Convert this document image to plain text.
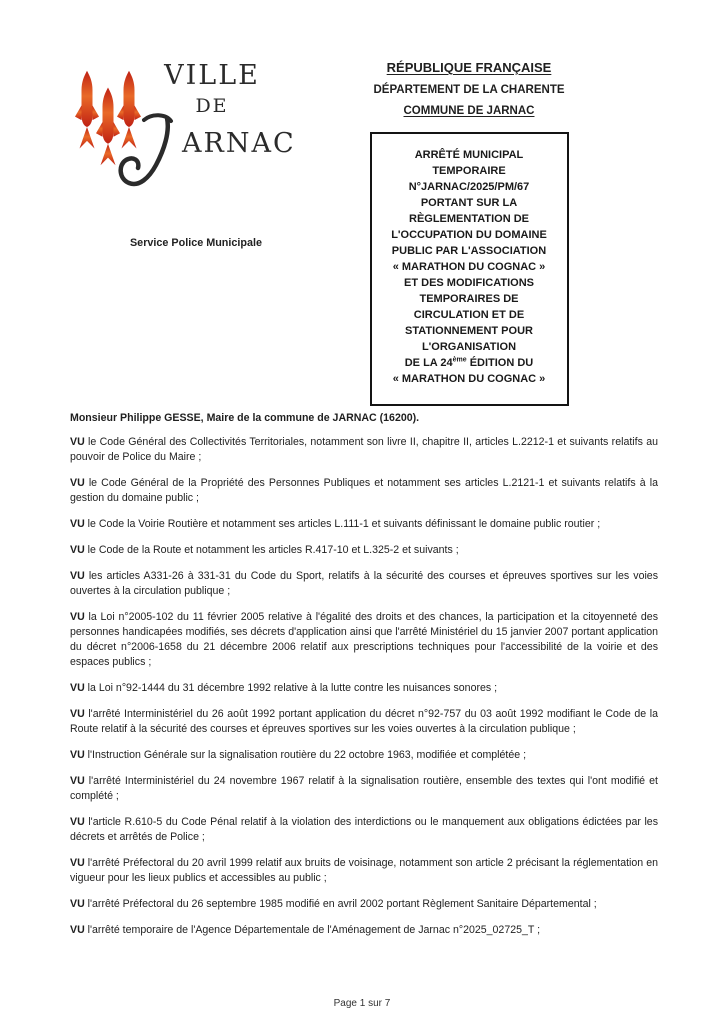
VILLE
DE
ARNAC
Service Police Municipale
RÉPUBLIQUE FRANÇAISE
DÉPARTEMENT DE LA CHARENTE
COMMUNE DE JARNAC
ARRÊTÉ MUNICIPAL
TEMPORAIRE
N°JARNAC/2025/PM/67
PORTANT SUR LA
RÈGLEMENTATION DE
L'OCCUPATION DU DOMAINE
PUBLIC PAR L'ASSOCIATION
« MARATHON DU COGNAC »
ET DES MODIFICATIONS
TEMPORAIRES DE
CIRCULATION ET DE
STATIONNEMENT POUR
L'ORGANISATION
DE LA 24ème ÉDITION DU
« MARATHON DU COGNAC »

Monsieur Philippe GESSE, Maire de la commune de JARNAC (16200).

VU le Code Général des Collectivités Territoriales, notamment son livre II, chapitre II, articles L.2212-1 et suivants relatifs au pouvoir de Police du Maire ;

VU le Code Général de la Propriété des Personnes Publiques et notamment ses articles L.2121-1 et suivants relatifs à la gestion du domaine public ;

VU le Code la Voirie Routière et notamment ses articles L.111-1 et suivants définissant le domaine public routier ;

VU le Code de la Route et notamment les articles R.417-10 et L.325-2 et suivants ;

VU les articles A331-26 à 331-31 du Code du Sport, relatifs à la sécurité des courses et épreuves sportives sur les voies ouvertes à la circulation publique ;

VU la Loi n°2005-102 du 11 février 2005 relative à l'égalité des droits et des chances, la participation et la citoyenneté des personnes handicapées modifiés, ses décrets d'application ainsi que l'arrêté Ministériel du 15 janvier 2007 portant application du décret n°2006-1658 du 21 décembre 2006 relatif aux prescriptions techniques pour l'accessibilité de la voirie et des espaces publics ;

VU la Loi n°92-1444 du 31 décembre 1992 relative à la lutte contre les nuisances sonores ;

VU l'arrêté Interministériel du 26 août 1992 portant application du décret n°92-757 du 03 août 1992 modifiant le Code de la Route relatif à la sécurité des courses et épreuves sportives sur les voies ouvertes à la circulation publique ;

VU l'Instruction Générale sur la signalisation routière du 22 octobre 1963, modifiée et complétée ;

VU l'arrêté Interministériel du 24 novembre 1967 relatif à la signalisation routière, ensemble des textes qui l'ont modifié et complété ;

VU l'article R.610-5 du Code Pénal relatif à la violation des interdictions ou le manquement aux obligations édictées par les décrets et arrêtés de Police ;

VU l'arrêté Préfectoral du 20 avril 1999 relatif aux bruits de voisinage, notamment son article 2 précisant la réglementation en vigueur pour les lieux publics et accessibles au public ;

VU l'arrêté Préfectoral du 26 septembre 1985 modifié en avril 2002 portant Règlement Sanitaire Départemental ;

VU l'arrêté temporaire de l'Agence Départementale de l'Aménagement de Jarnac n°2025_02725_T ;

Page 1 sur 7
